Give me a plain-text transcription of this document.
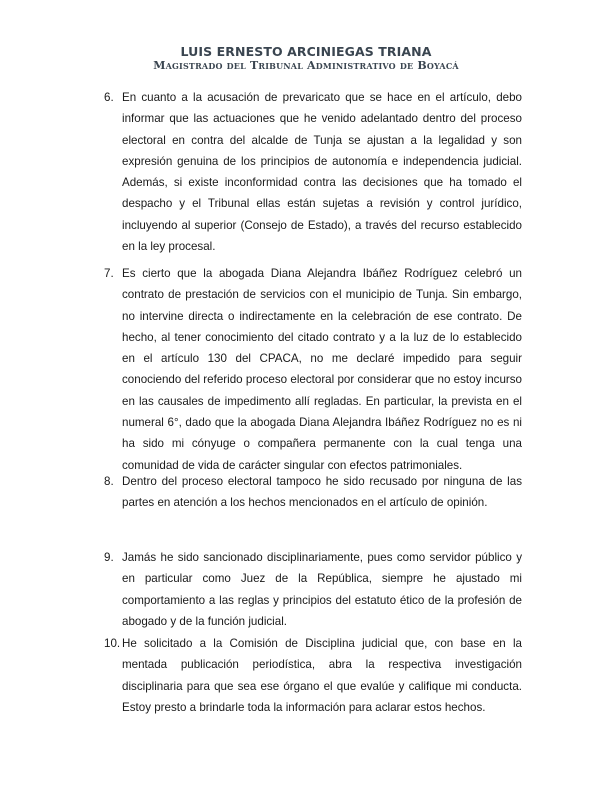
LUIS ERNESTO ARCINIEGAS TRIANA
Magistrado del Tribunal Administrativo de Boyacá
6. En cuanto a la acusación de prevaricato que se hace en el artículo, debo informar que las actuaciones que he venido adelantado dentro del proceso electoral en contra del alcalde de Tunja se ajustan a la legalidad y son expresión genuina de los principios de autonomía e independencia judicial. Además, si existe inconformidad contra las decisiones que ha tomado el despacho y el Tribunal ellas están sujetas a revisión y control jurídico, incluyendo al superior (Consejo de Estado), a través del recurso establecido en la ley procesal.
7. Es cierto que la abogada Diana Alejandra Ibáñez Rodríguez celebró un contrato de prestación de servicios con el municipio de Tunja. Sin embargo, no intervine directa o indirectamente en la celebración de ese contrato. De hecho, al tener conocimiento del citado contrato y a la luz de lo establecido en el artículo 130 del CPACA, no me declaré impedido para seguir conociendo del referido proceso electoral por considerar que no estoy incurso en las causales de impedimento allí regladas. En particular, la prevista en el numeral 6°, dado que la abogada Diana Alejandra Ibáñez Rodríguez no es ni ha sido mi cónyuge o compañera permanente con la cual tenga una comunidad de vida de carácter singular con efectos patrimoniales.
8. Dentro del proceso electoral tampoco he sido recusado por ninguna de las partes en atención a los hechos mencionados en el artículo de opinión.
9. Jamás he sido sancionado disciplinariamente, pues como servidor público y en particular como Juez de la República, siempre he ajustado mi comportamiento a las reglas y principios del estatuto ético de la profesión de abogado y de la función judicial.
10. He solicitado a la Comisión de Disciplina judicial que, con base en la mentada publicación periodística, abra la respectiva investigación disciplinaria para que sea ese órgano el que evalúe y califique mi conducta. Estoy presto a brindarle toda la información para aclarar estos hechos.
